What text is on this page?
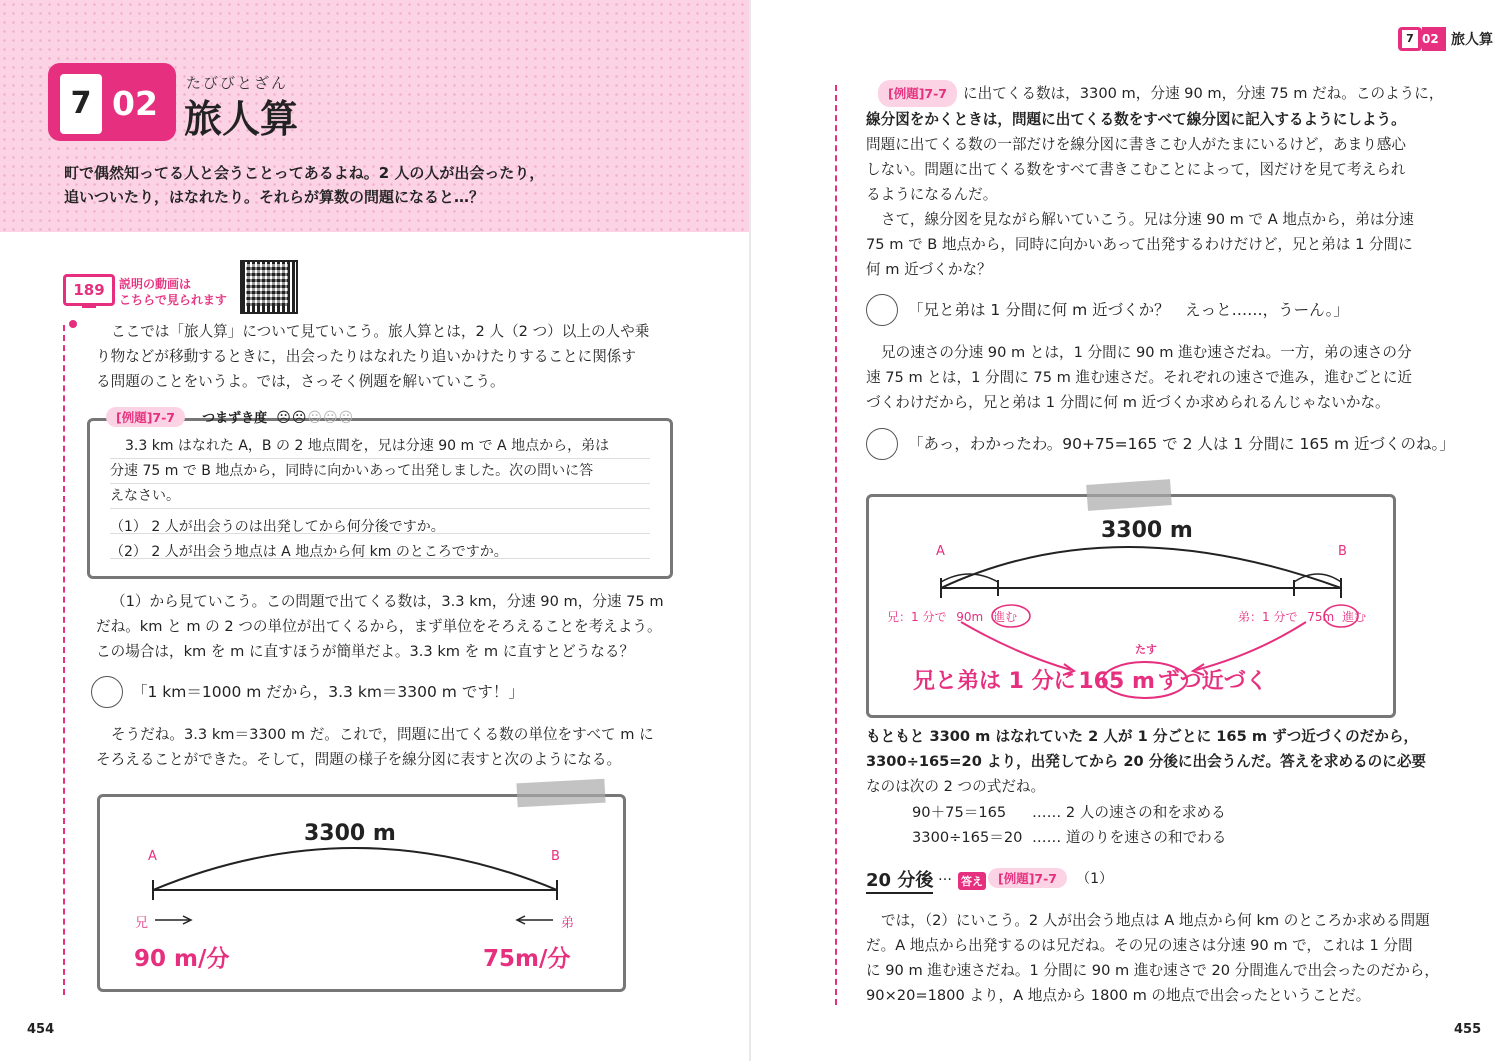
7 02
たびびとざん
旅人算
町で偶然知ってる人と会うことってあるよね。2 人の人が出会ったり，
追いついたり，はなれたり。それらが算数の問題になると…？
189	説明の動画は
こちらで見られます
ここでは「旅人算」について見ていこう。旅人算とは，2 人（2 つ）以上の人や乗
り物などが移動するときに，出会ったりはなれたり追いかけたりすることに関係す
る問題のことをいうよ。では，さっそく例題を解いていこう。
[例題]7-7 つまずき度 ☹☹☺☺☺
3.3 km はなれた A，B の 2 地点間を，兄は分速 90 m で A 地点から，弟は
分速 75 m で B 地点から，同時に向かいあって出発しました。次の問いに答
えなさい。
（1） 2 人が出会うのは出発してから何分後ですか。
（2） 2 人が出会う地点は A 地点から何 km のところですか。
（1）から見ていこう。この問題で出てくる数は，3.3 km，分速 90 m，分速 75 m
だね。km と m の 2 つの単位が出てくるから，まず単位をそろえることを考えよう。
この場合は，km を m に直すほうが簡単だよ。3.3 km を m に直すとどうなる？
「1 km＝1000 m だから，3.3 km＝3300 m です！」
そうだね。3.3 km＝3300 m だ。これで，問題に出てくる数の単位をすべて m に
そろえることができた。そして，問題の様子を線分図に表すと次のようになる。
3300 m
A	B
兄	弟
90 m/分	75m/分
454
7 02 旅人算
[例題]7-7 に出てくる数は，3300 m，分速 90 m，分速 75 m だね。このように，
線分図をかくときは，問題に出てくる数をすべて線分図に記入するようにしよう。
問題に出てくる数の一部だけを線分図に書きこむ人がたまにいるけど，あまり感心
しない。問題に出てくる数をすべて書きこむことによって，図だけを見て考えられ
るようになるんだ。
さて，線分図を見ながら解いていこう。兄は分速 90 m で A 地点から，弟は分速
75 m で B 地点から，同時に向かいあって出発するわけだけど，兄と弟は 1 分間に
何 m 近づくかな？
「兄と弟は 1 分間に何 m 近づくか？　えっと……，うーん。」
兄の速さの分速 90 m とは，1 分間に 90 m 進む速さだね。一方，弟の速さの分
速 75 m とは，1 分間に 75 m 進む速さだ。それぞれの速さで進み，進むごとに近
づくわけだから，兄と弟は 1 分間に何 m 近づくか求められるんじゃないかな。
「あっ，わかったわ。90+75=165 で 2 人は 1 分間に 165 m 近づくのね。」
3300 m
A	B
兄：1 分で 90m 進む	弟：1 分で 75m 進む
たす
兄と弟は 1 分に 165 m ずつ近づく
もともと 3300 m はなれていた 2 人が 1 分ごとに 165 m ずつ近づくのだから，
3300÷165=20 より，出発してから 20 分後に出会うんだ。答えを求めるのに必要
なのは次の 2 つの式だね。
90＋75＝165 …… 2 人の速さの和を求める
3300÷165＝20 …… 道のりを速さの和でわる
20 分後 … 答え	[例題]7-7 （1）
では，（2）にいこう。2 人が出会う地点は A 地点から何 km のところか求める問題
だ。A 地点から出発するのは兄だね。その兄の速さは分速 90 m で，これは 1 分間
に 90 m 進む速さだね。1 分間に 90 m 進む速さで 20 分間進んで出会ったのだから，
90×20=1800 より，A 地点から 1800 m の地点で出会ったということだ。
455
